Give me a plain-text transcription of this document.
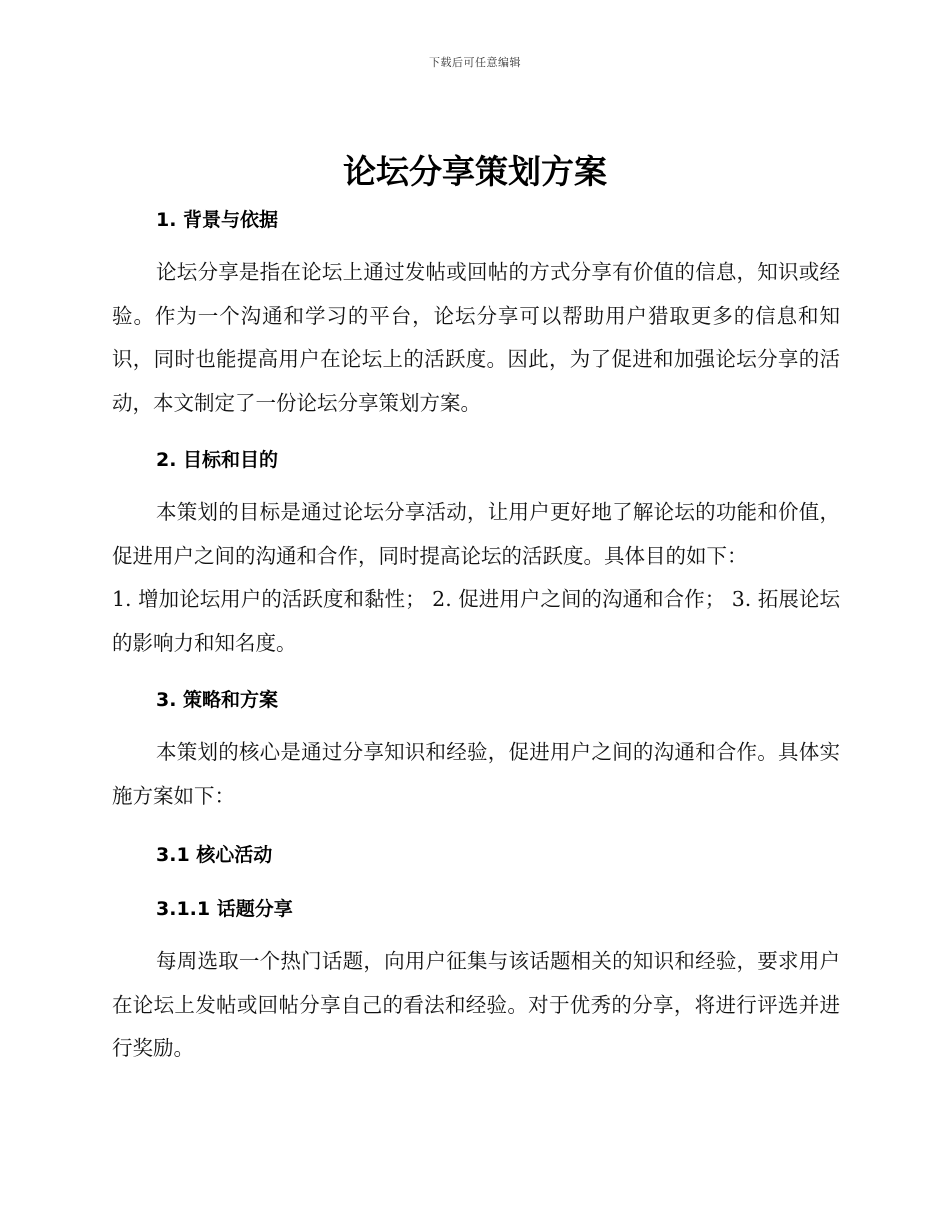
下载后可任意编辑
论坛分享策划方案
1. 背景与依据

论坛分享是指在论坛上通过发帖或回帖的方式分享有价值的信息，知识或经验。作为一个沟通和学习的平台，论坛分享可以帮助用户猎取更多的信息和知识，同时也能提高用户在论坛上的活跃度。因此，为了促进和加强论坛分享的活动，本文制定了一份论坛分享策划方案。

2. 目标和目的

本策划的目标是通过论坛分享活动，让用户更好地了解论坛的功能和价值，促进用户之间的沟通和合作，同时提高论坛的活跃度。具体目的如下：

1. 增加论坛用户的活跃度和黏性； 2. 促进用户之间的沟通和合作； 3. 拓展论坛的影响力和知名度。

3. 策略和方案

本策划的核心是通过分享知识和经验，促进用户之间的沟通和合作。具体实施方案如下：

3.1 核心活动
3.1.1 话题分享

每周选取一个热门话题，向用户征集与该话题相关的知识和经验，要求用户在论坛上发帖或回帖分享自己的看法和经验。对于优秀的分享，将进行评选并进行奖励。
